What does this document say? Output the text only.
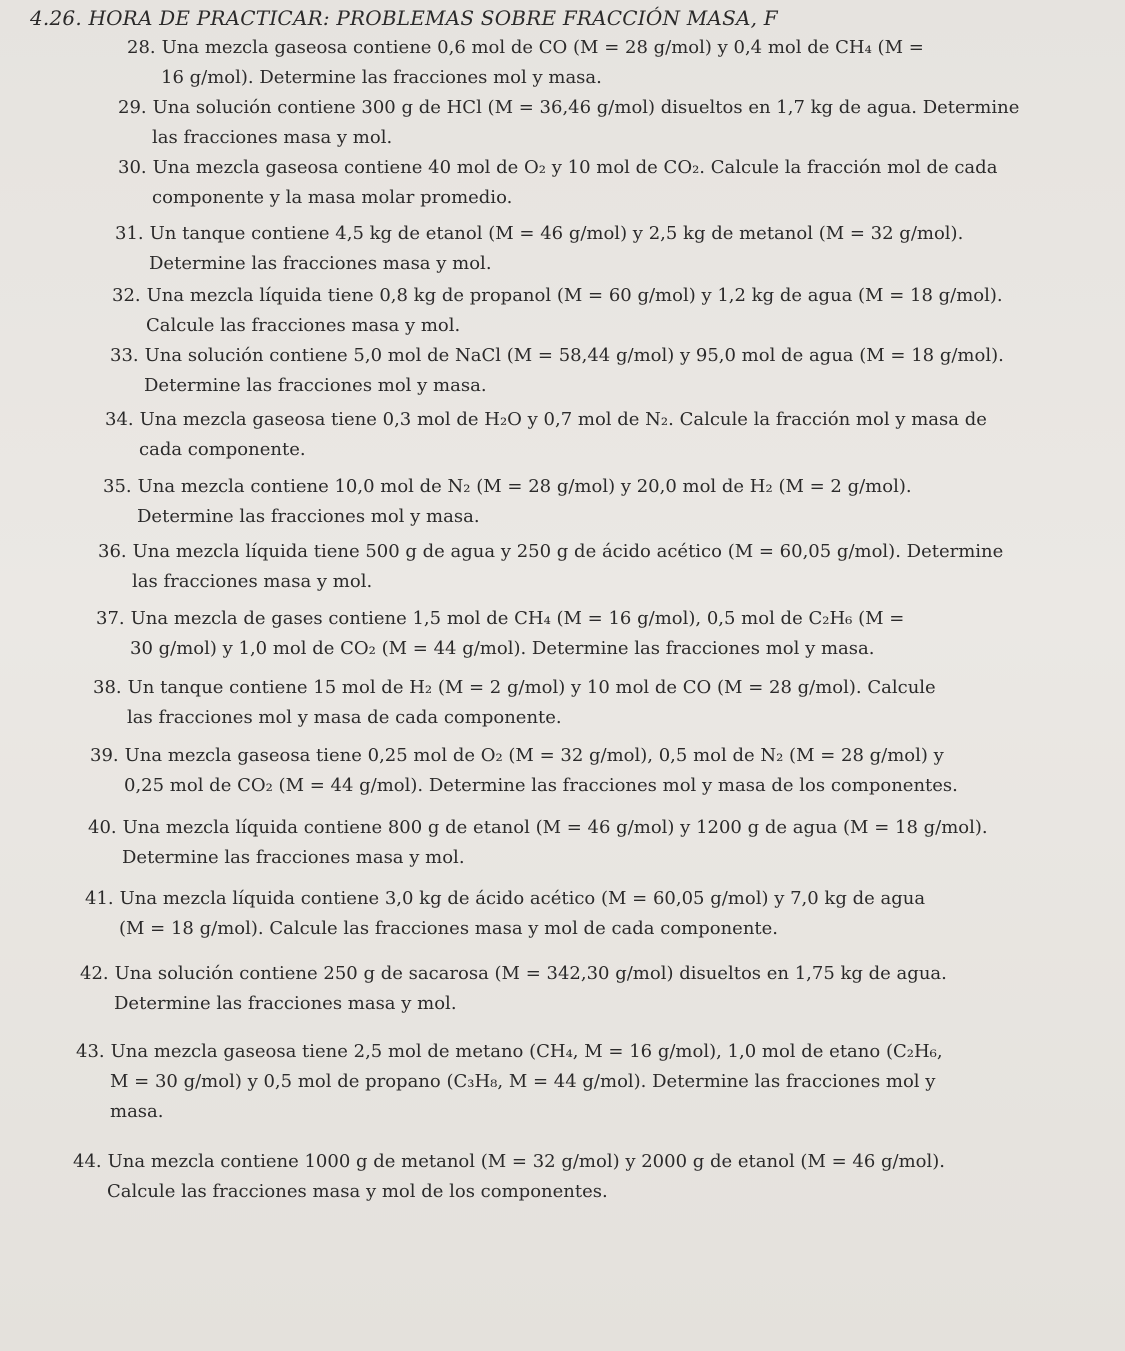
4.26. HORA DE PRACTICAR: PROBLEMAS SOBRE FRACCIÓN MASA, F
28. Una mezcla gaseosa contiene 0,6 mol de CO (M = 28 g/mol) y 0,4 mol de CH₄ (M =
16 g/mol). Determine las fracciones mol y masa.
29. Una solución contiene 300 g de HCl (M = 36,46 g/mol) disueltos en 1,7 kg de agua. Determine
las fracciones masa y mol.
30. Una mezcla gaseosa contiene 40 mol de O₂ y 10 mol de CO₂. Calcule la fracción mol de cada
componente y la masa molar promedio.
31. Un tanque contiene 4,5 kg de etanol (M = 46 g/mol) y 2,5 kg de metanol (M = 32 g/mol).
Determine las fracciones masa y mol.
32. Una mezcla líquida tiene 0,8 kg de propanol (M = 60 g/mol) y 1,2 kg de agua (M = 18 g/mol).
Calcule las fracciones masa y mol.
33. Una solución contiene 5,0 mol de NaCl (M = 58,44 g/mol) y 95,0 mol de agua (M = 18 g/mol).
Determine las fracciones mol y masa.
34. Una mezcla gaseosa tiene 0,3 mol de H₂O y 0,7 mol de N₂. Calcule la fracción mol y masa de
cada componente.
35. Una mezcla contiene 10,0 mol de N₂ (M = 28 g/mol) y 20,0 mol de H₂ (M = 2 g/mol).
Determine las fracciones mol y masa.
36. Una mezcla líquida tiene 500 g de agua y 250 g de ácido acético (M = 60,05 g/mol). Determine
las fracciones masa y mol.
37. Una mezcla de gases contiene 1,5 mol de CH₄ (M = 16 g/mol), 0,5 mol de C₂H₆ (M =
30 g/mol) y 1,0 mol de CO₂ (M = 44 g/mol). Determine las fracciones mol y masa.
38. Un tanque contiene 15 mol de H₂ (M = 2 g/mol) y 10 mol de CO (M = 28 g/mol). Calcule
las fracciones mol y masa de cada componente.
39. Una mezcla gaseosa tiene 0,25 mol de O₂ (M = 32 g/mol), 0,5 mol de N₂ (M = 28 g/mol) y
0,25 mol de CO₂ (M = 44 g/mol). Determine las fracciones mol y masa de los componentes.
40. Una mezcla líquida contiene 800 g de etanol (M = 46 g/mol) y 1200 g de agua (M = 18 g/mol).
Determine las fracciones masa y mol.
41. Una mezcla líquida contiene 3,0 kg de ácido acético (M = 60,05 g/mol) y 7,0 kg de agua
(M = 18 g/mol). Calcule las fracciones masa y mol de cada componente.
42. Una solución contiene 250 g de sacarosa (M = 342,30 g/mol) disueltos en 1,75 kg de agua.
Determine las fracciones masa y mol.
43. Una mezcla gaseosa tiene 2,5 mol de metano (CH₄, M = 16 g/mol), 1,0 mol de etano (C₂H₆,
M = 30 g/mol) y 0,5 mol de propano (C₃H₈, M = 44 g/mol). Determine las fracciones mol y
masa.
44. Una mezcla contiene 1000 g de metanol (M = 32 g/mol) y 2000 g de etanol (M = 46 g/mol).
Calcule las fracciones masa y mol de los componentes.
